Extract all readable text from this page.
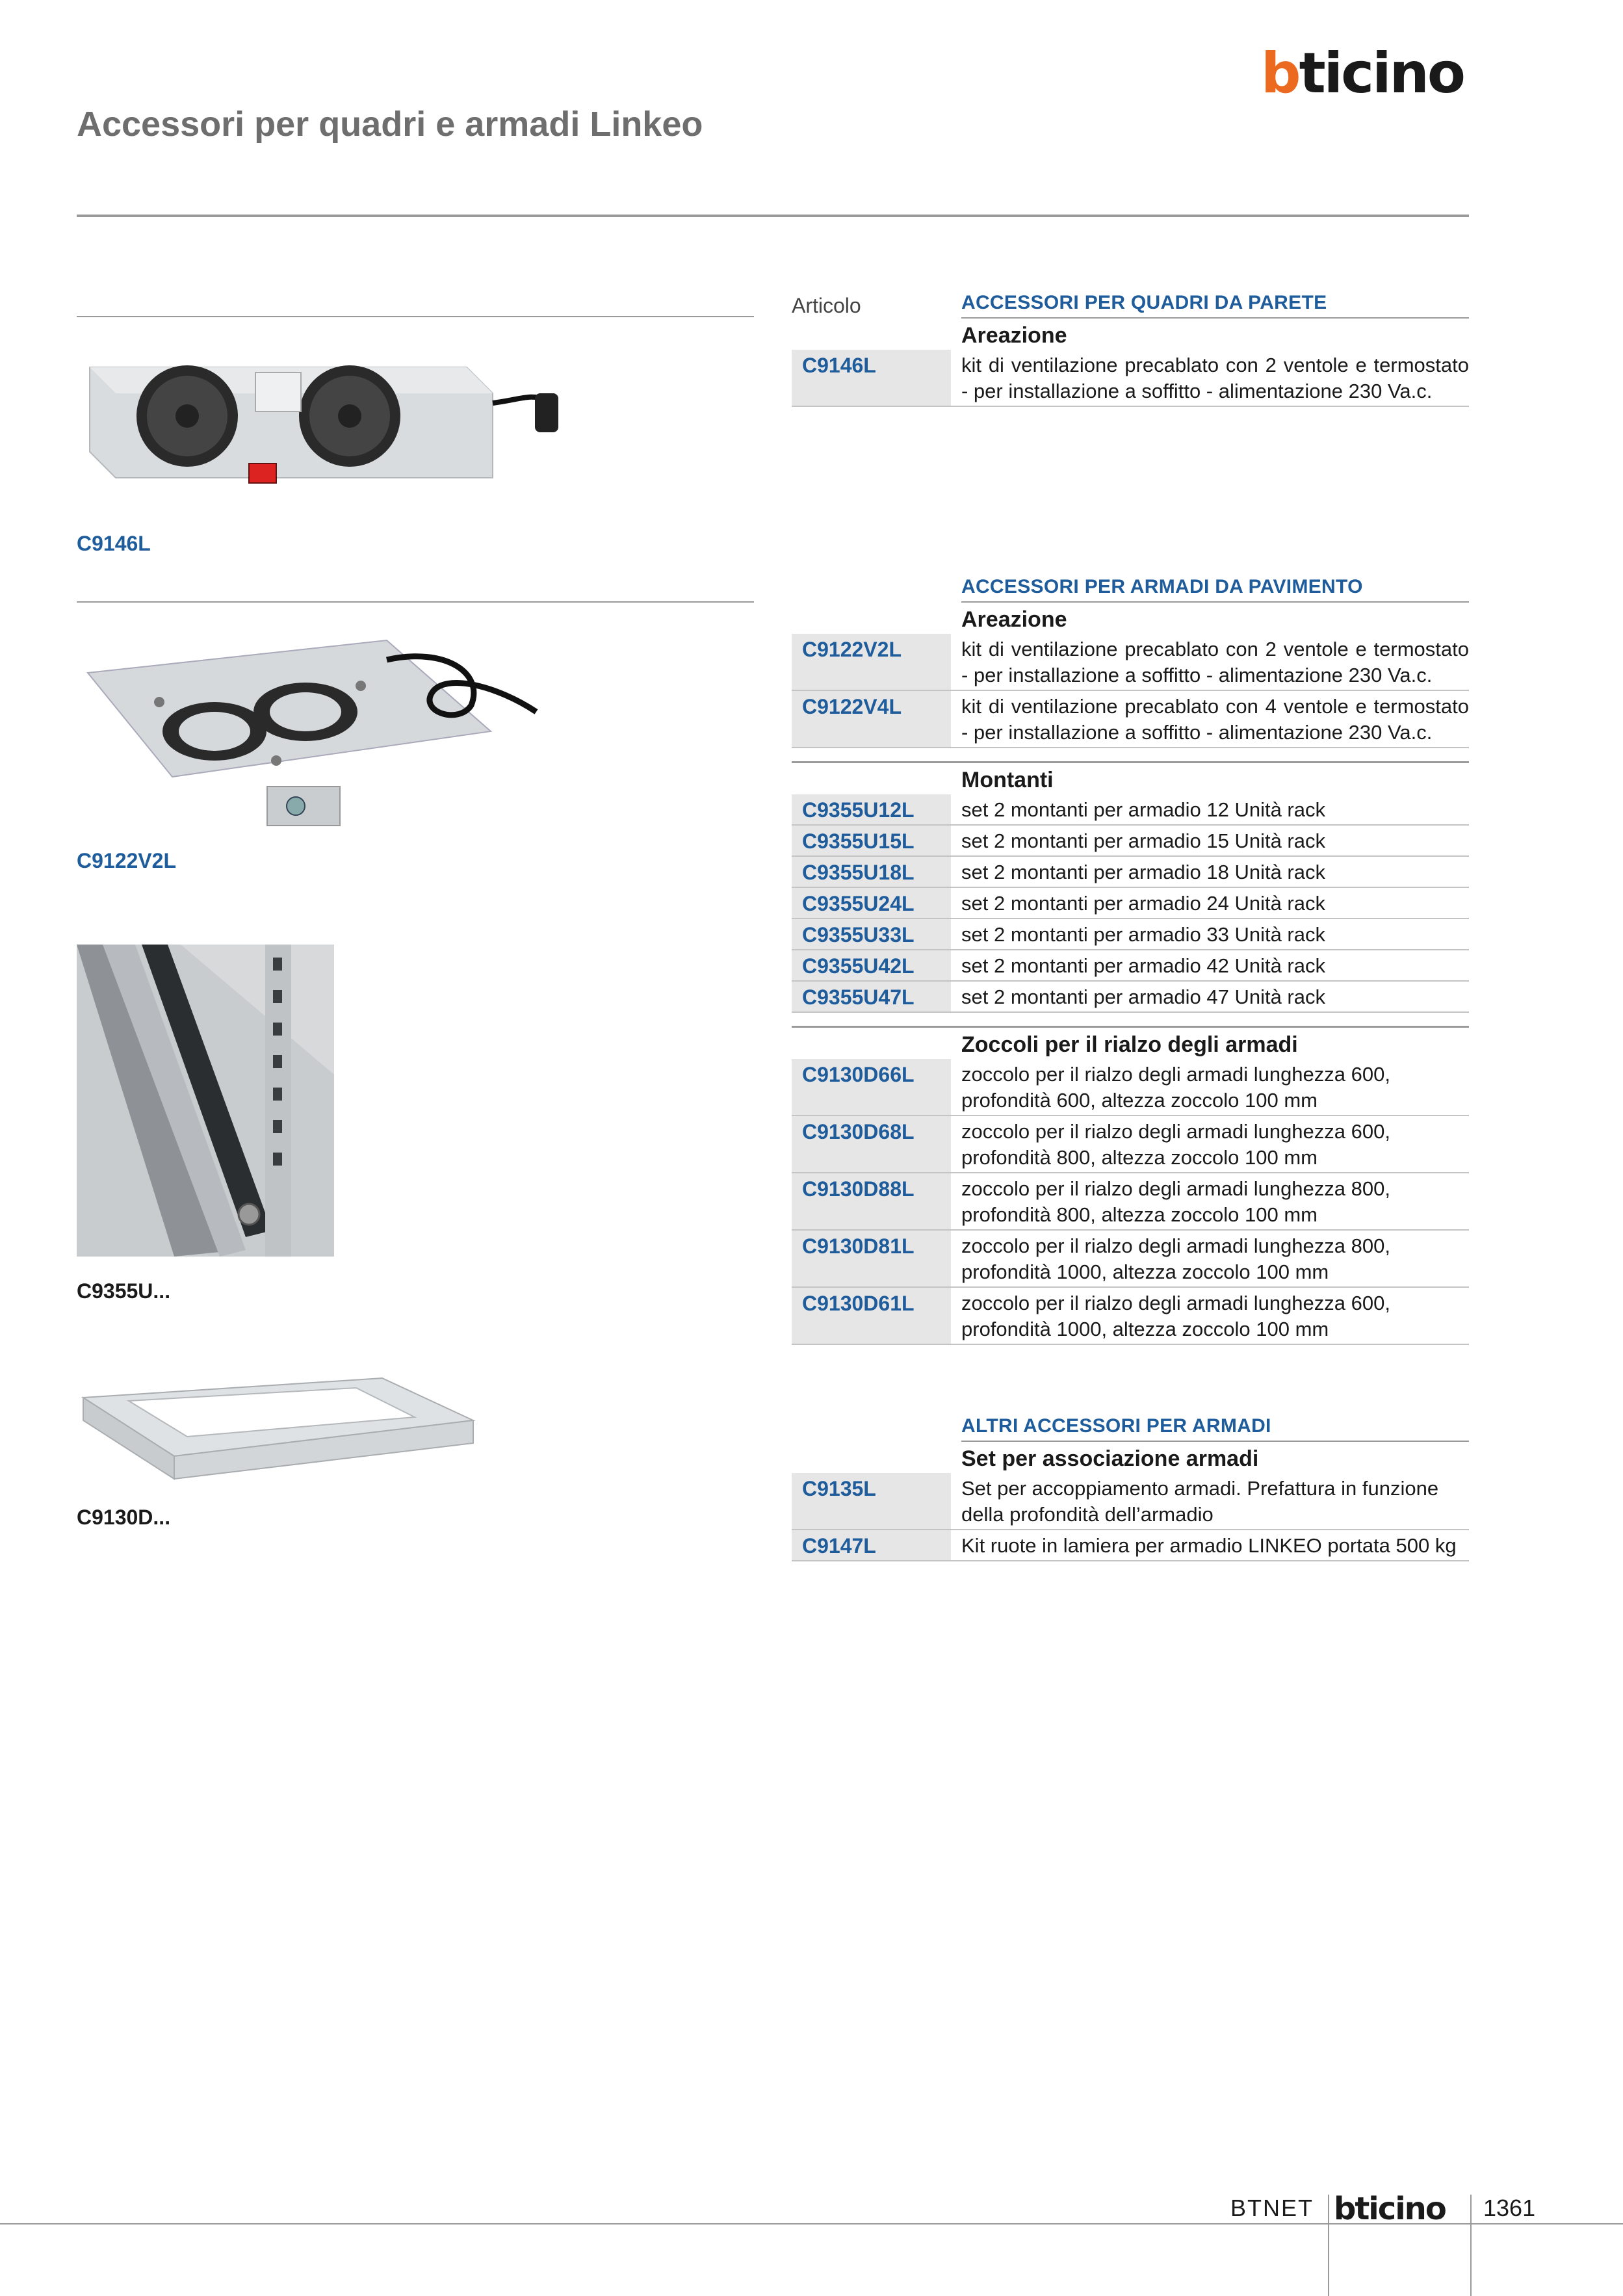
bticino
Accessori per quadri e armadi Linkeo
C9146L
C9122V2L
C9355U...
C9130D...
Articolo	ACCESSORI PER QUADRI DA PARETE
Areazione
C9146L	kit di ventilazione precablato con 2 ventole e termostato - per installazione a soffitto - alimentazione 230 Va.c.
ACCESSORI PER ARMADI DA PAVIMENTO
Areazione
C9122V2L	kit di ventilazione precablato con 2 ventole e termostato - per installazione a soffitto - alimentazione 230 Va.c.
C9122V4L	kit di ventilazione precablato con 4 ventole e termostato - per installazione a soffitto - alimentazione 230 Va.c.
Montanti
C9355U12L	set 2 montanti per armadio 12 Unità rack
C9355U15L	set 2 montanti per armadio 15 Unità rack
C9355U18L	set 2 montanti per armadio 18 Unità rack
C9355U24L	set 2 montanti per armadio 24 Unità rack
C9355U33L	set 2 montanti per armadio 33 Unità rack
C9355U42L	set 2 montanti per armadio 42 Unità rack
C9355U47L	set 2 montanti per armadio 47 Unità rack
Zoccoli per il rialzo degli armadi
C9130D66L	zoccolo per il rialzo degli armadi lunghezza 600, profondità 600, altezza zoccolo 100 mm
C9130D68L	zoccolo per il rialzo degli armadi lunghezza 600, profondità 800, altezza zoccolo 100 mm
C9130D88L	zoccolo per il rialzo degli armadi lunghezza 800, profondità 800, altezza zoccolo 100 mm
C9130D81L	zoccolo per il rialzo degli armadi lunghezza 800, profondità 1000, altezza zoccolo 100 mm
C9130D61L	zoccolo per il rialzo degli armadi lunghezza 600, profondità 1000, altezza zoccolo 100 mm
ALTRI ACCESSORI PER ARMADI
Set per associazione armadi
C9135L	Set per accoppiamento armadi. Prefattura in funzione della profondità dell’armadio
C9147L	Kit ruote in lamiera per armadio LINKEO portata 500 kg
BTNET bticino 1361
